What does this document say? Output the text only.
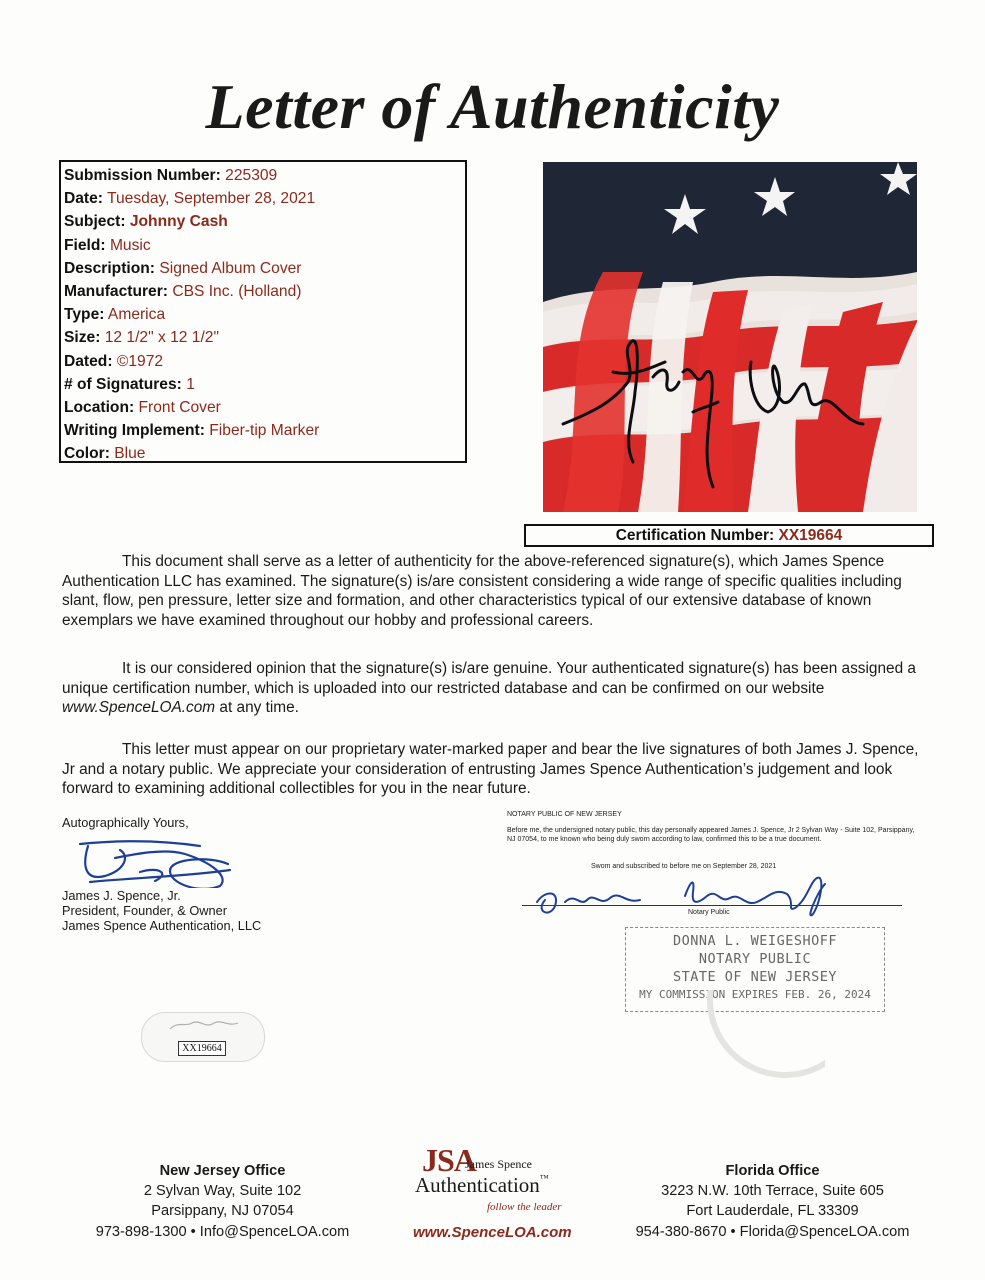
Letter of Authenticity
Submission Number: 225309
Date: Tuesday, September 28, 2021
Subject: Johnny Cash
Field: Music
Description: Signed Album Cover
Manufacturer: CBS Inc. (Holland)
Type: America
Size: 12 1/2" x 12 1/2"
Dated: ©1972
# of Signatures: 1
Location: Front Cover
Writing Implement: Fiber-tip Marker
Color: Blue
Certification Number: XX19664
This document shall serve as a letter of authenticity for the above-referenced signature(s), which James Spence Authentication LLC has examined. The signature(s) is/are consistent considering a wide range of specific qualities including slant, flow, pen pressure, letter size and formation, and other characteristics typical of our extensive database of known exemplars we have examined throughout our hobby and professional careers.
It is our considered opinion that the signature(s) is/are genuine. Your authenticated signature(s) has been assigned a unique certification number, which is uploaded into our restricted database and can be confirmed on our website www.SpenceLOA.com at any time.
This letter must appear on our proprietary water-marked paper and bear the live signatures of both James J. Spence, Jr and a notary public. We appreciate your consideration of entrusting James Spence Authentication’s judgement and look forward to examining additional collectibles for you in the near future.
Autographically Yours,
James J. Spence, Jr.
President, Founder, & Owner
James Spence Authentication, LLC
NOTARY PUBLIC OF NEW JERSEY
Before me, the undersigned notary public, this day personally appeared James J. Spence, Jr 2 Sylvan Way - Suite 102, Parsippany, NJ 07054, to me known who being duly sworn according to law, confirmed this to be a true document.
Swom and subscribed to before me on September 28, 2021
Notary Public
DONNA L. WEIGESHOFF
NOTARY PUBLIC
STATE OF NEW JERSEY
MY COMMISSION EXPIRES FEB. 26, 2024
XX19664
New Jersey Office
2 Sylvan Way, Suite 102
Parsippany, NJ 07054
973-898-1300 • Info@SpenceLOA.com
Florida Office
3223 N.W. 10th Terrace, Suite 605
Fort Lauderdale, FL 33309
954-380-8670 • Florida@SpenceLOA.com
JSA
James Spence
Authentication™
follow the leader
www.SpenceLOA.com
